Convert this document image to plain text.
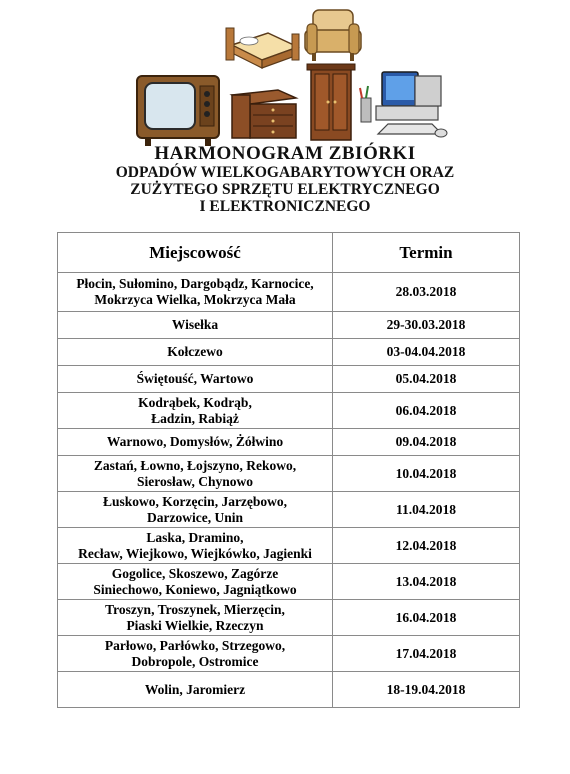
HARMONOGRAM ZBIÓRKI
ODPADÓW WIELKOGABARYTOWYCH ORAZ
ZUŻYTEGO SPRZĘTU ELEKTRYCZNEGO
I ELEKTRONICZNEGO
Miejscowość	Termin

Płocin, Sułomino, Dargobądz, Karnocice,
Mokrzyca Wielka, Mokrzyca Mała	28.03.2018

Wisełka	29-30.03.2018

Kołczewo	03-04.04.2018

Świętouść, Wartowo	05.04.2018

Kodrąbek, Kodrąb,
Ładzin, Rabiąż	06.04.2018

Warnowo, Domysłów, Żółwino	09.04.2018

Zastań, Łowno, Łojszyno, Rekowo,
Sierosław, Chynowo	10.04.2018

Łuskowo, Korzęcin, Jarzębowo,
Darzowice, Unin	11.04.2018

Laska, Dramino,
Recław, Wiejkowo, Wiejkówko, Jagienki	12.04.2018

Gogolice, Skoszewo, Zagórze
Siniechowo, Koniewo, Jagniątkowo	13.04.2018

Troszyn, Troszynek, Mierzęcin,
Piaski Wielkie, Rzeczyn	16.04.2018

Parłowo, Parłówko, Strzegowo,
Dobropole, Ostromice	17.04.2018

Wolin, Jaromierz	18-19.04.2018
